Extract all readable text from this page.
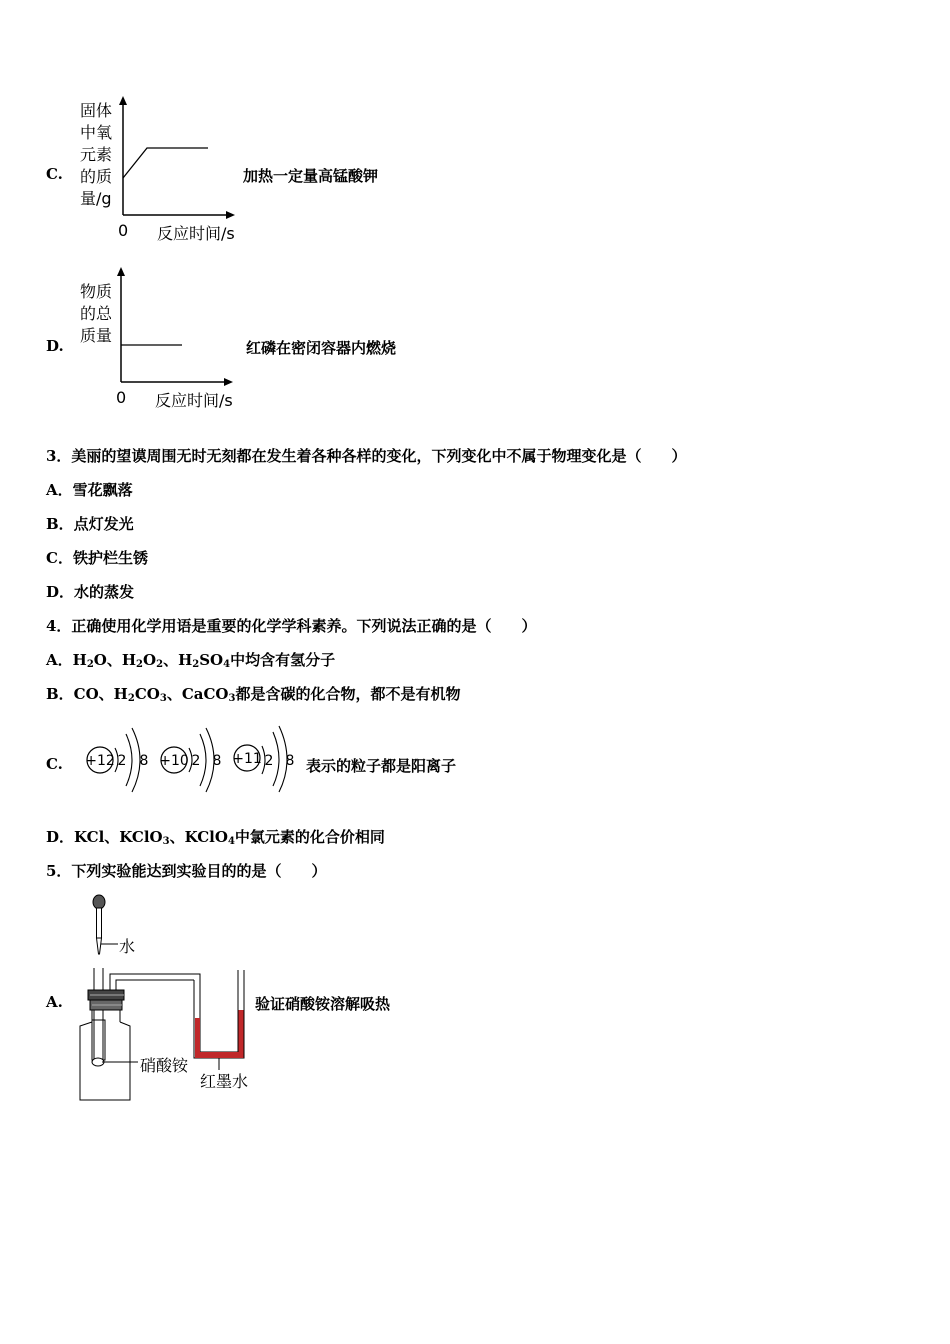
C.
固体
中氧
元素
的质
量/g
0 反应时间/s
加热一定量高锰酸钾
D.
物质
的总
质量
0 反应时间/s
红磷在密闭容器内燃烧
3．美丽的望谟周围无时无刻都在发生着各种各样的变化，下列变化中不属于物理变化是（　　）
A．雪花飘落
B．点灯发光
C．铁护栏生锈
D．水的蒸发
4．正确使用化学用语是重要的化学学科素养。下列说法正确的是（　　）
A．$H_2O$、$H_2O_2$、$H_2SO_4$中均含有氢分子
B．CO、$H_2CO_3$、CaCO$_3$都是含碳的化合物，都不是有机物
C. +12 2 8 +10 2 8 +11 2 8 表示的粒子都是阳离子
D．KCl、KClO$_3$、KClO$_4$中氯元素的化合价相同
5．下列实验能达到实验目的的是（　　）
A.
水
硝酸铵
红墨水
验证硝酸铵溶解吸热
